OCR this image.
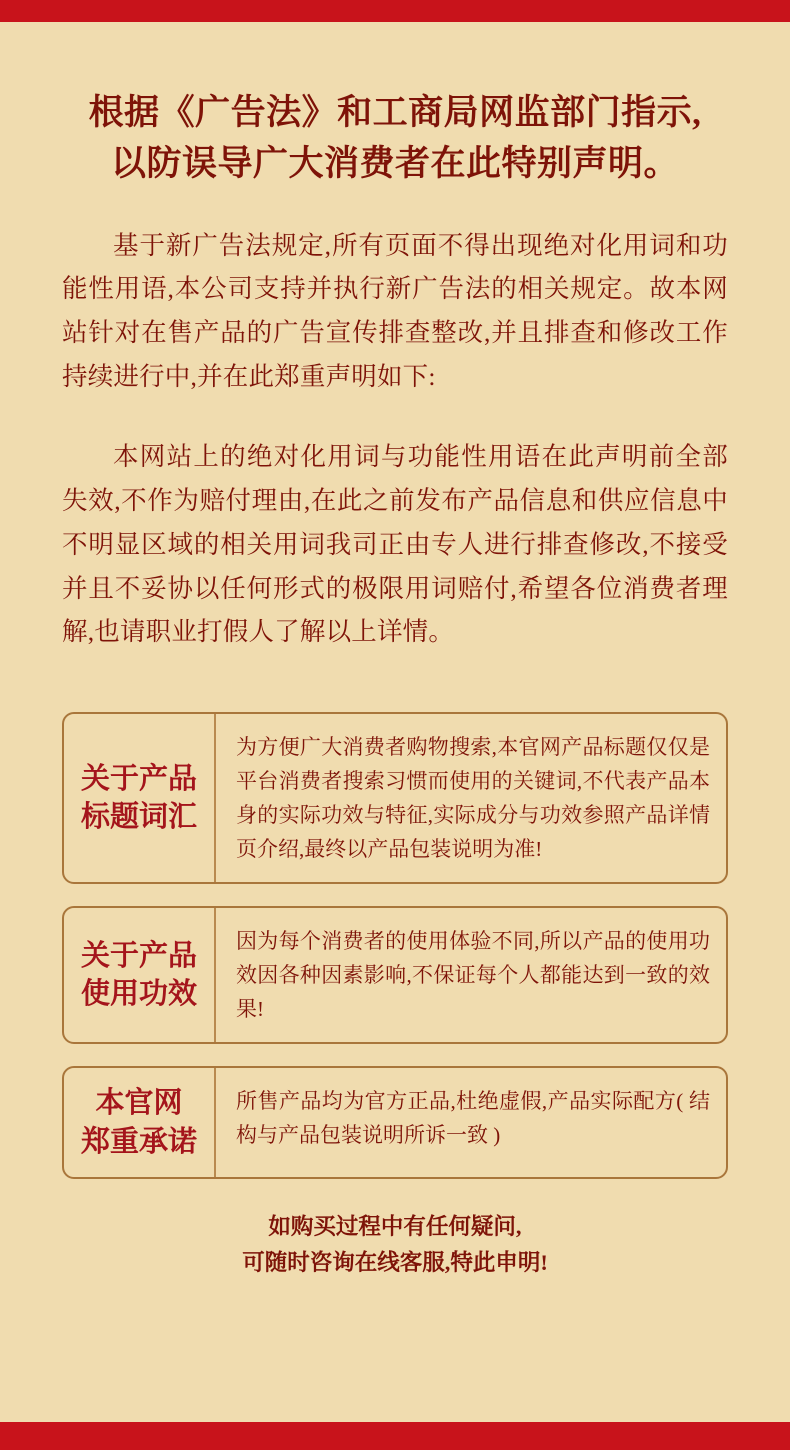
根据《广告法》和工商局网监部门指示,
以防误导广大消费者在此特别声明。
基于新广告法规定,所有页面不得出现绝对化用词和功能性用语,本公司支持并执行新广告法的相关规定。故本网站针对在售产品的广告宣传排查整改,并且排查和修改工作持续进行中,并在此郑重声明如下:
本网站上的绝对化用词与功能性用语在此声明前全部失效,不作为赔付理由,在此之前发布产品信息和供应信息中不明显区域的相关用词我司正由专人进行排查修改,不接受并且不妥协以任何形式的极限用词赔付,希望各位消费者理解,也请职业打假人了解以上详情。
关于产品
标题词汇
为方便广大消费者购物搜索,本官网产品标题仅仅是平台消费者搜索习惯而使用的关键词,不代表产品本身的实际功效与特征,实际成分与功效参照产品详情页介绍,最终以产品包装说明为准!
关于产品
使用功效
因为每个消费者的使用体验不同,所以产品的使用功效因各种因素影响,不保证每个人都能达到一致的效果!
本官网
郑重承诺
所售产品均为官方正品,杜绝虚假,产品实际配方( 结构与产品包装说明所诉一致 )
如购买过程中有任何疑问,
可随时咨询在线客服,特此申明!
